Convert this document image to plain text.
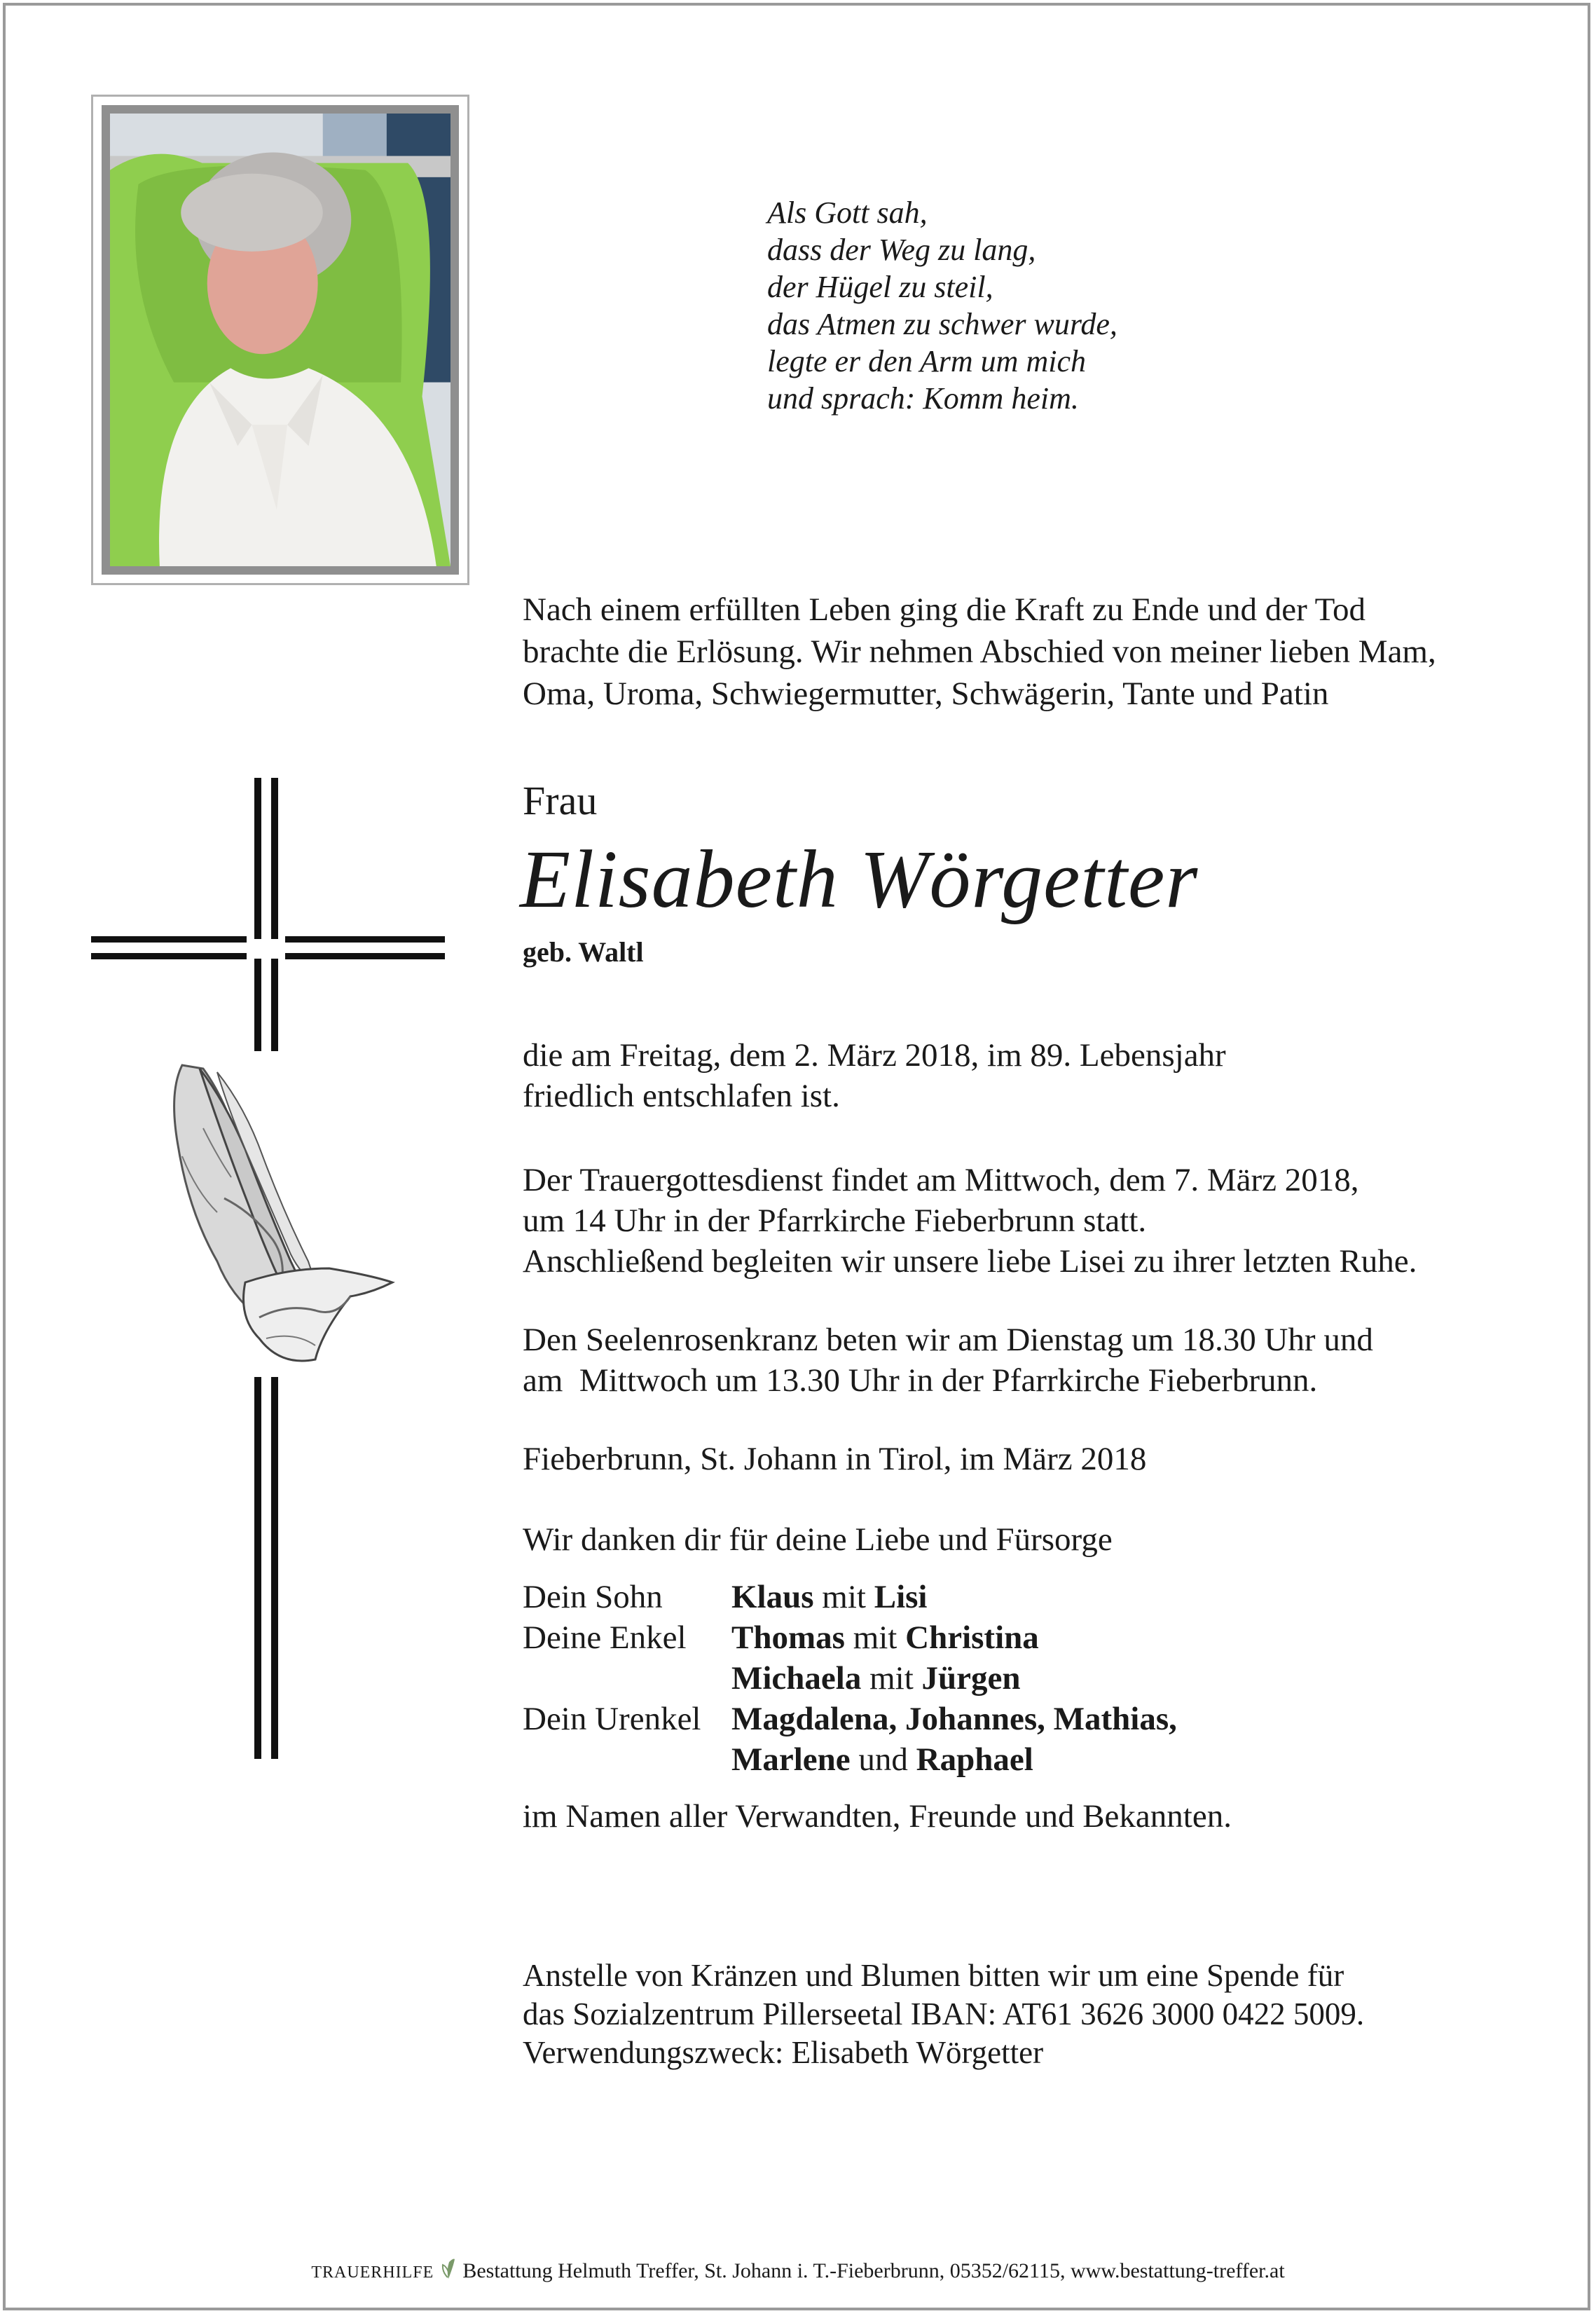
Als Gott sah,
dass der Weg zu lang,
der Hügel zu steil,
das Atmen zu schwer wurde,
legte er den Arm um mich
und sprach: Komm heim.
Nach einem erfüllten Leben ging die Kraft zu Ende und der Tod
brachte die Erlösung. Wir nehmen Abschied von meiner lieben Mam,
Oma, Uroma, Schwiegermutter, Schwägerin, Tante und Patin
Frau
Elisabeth Wörgetter
geb. Waltl
die am Freitag, dem 2. März 2018, im 89. Lebensjahr
friedlich entschlafen ist.
Der Trauergottesdienst findet am Mittwoch, dem 7. März 2018,
um 14 Uhr in der Pfarrkirche Fieberbrunn statt.
Anschließend begleiten wir unsere liebe Lisei zu ihrer letzten Ruhe.
Den Seelenrosenkranz beten wir am Dienstag um 18.30 Uhr und
am  Mittwoch um 13.30 Uhr in der Pfarrkirche Fieberbrunn.
Fieberbrunn, St. Johann in Tirol, im März 2018
Wir danken dir für deine Liebe und Fürsorge
Dein Sohn Klaus mit Lisi
Deine Enkel Thomas mit Christina
Michaela mit Jürgen
Dein Urenkel Magdalena, Johannes, Mathias,
Marlene und Raphael
im Namen aller Verwandten, Freunde und Bekannten.
Anstelle von Kränzen und Blumen bitten wir um eine Spende für
das Sozialzentrum Pillerseetal IBAN: AT61 3626 3000 0422 5009.
Verwendungszweck: Elisabeth Wörgetter
TRAUERHILFE Bestattung Helmuth Treffer, St. Johann i. T.-Fieberbrunn, 05352/62115, www.bestattung-treffer.at
